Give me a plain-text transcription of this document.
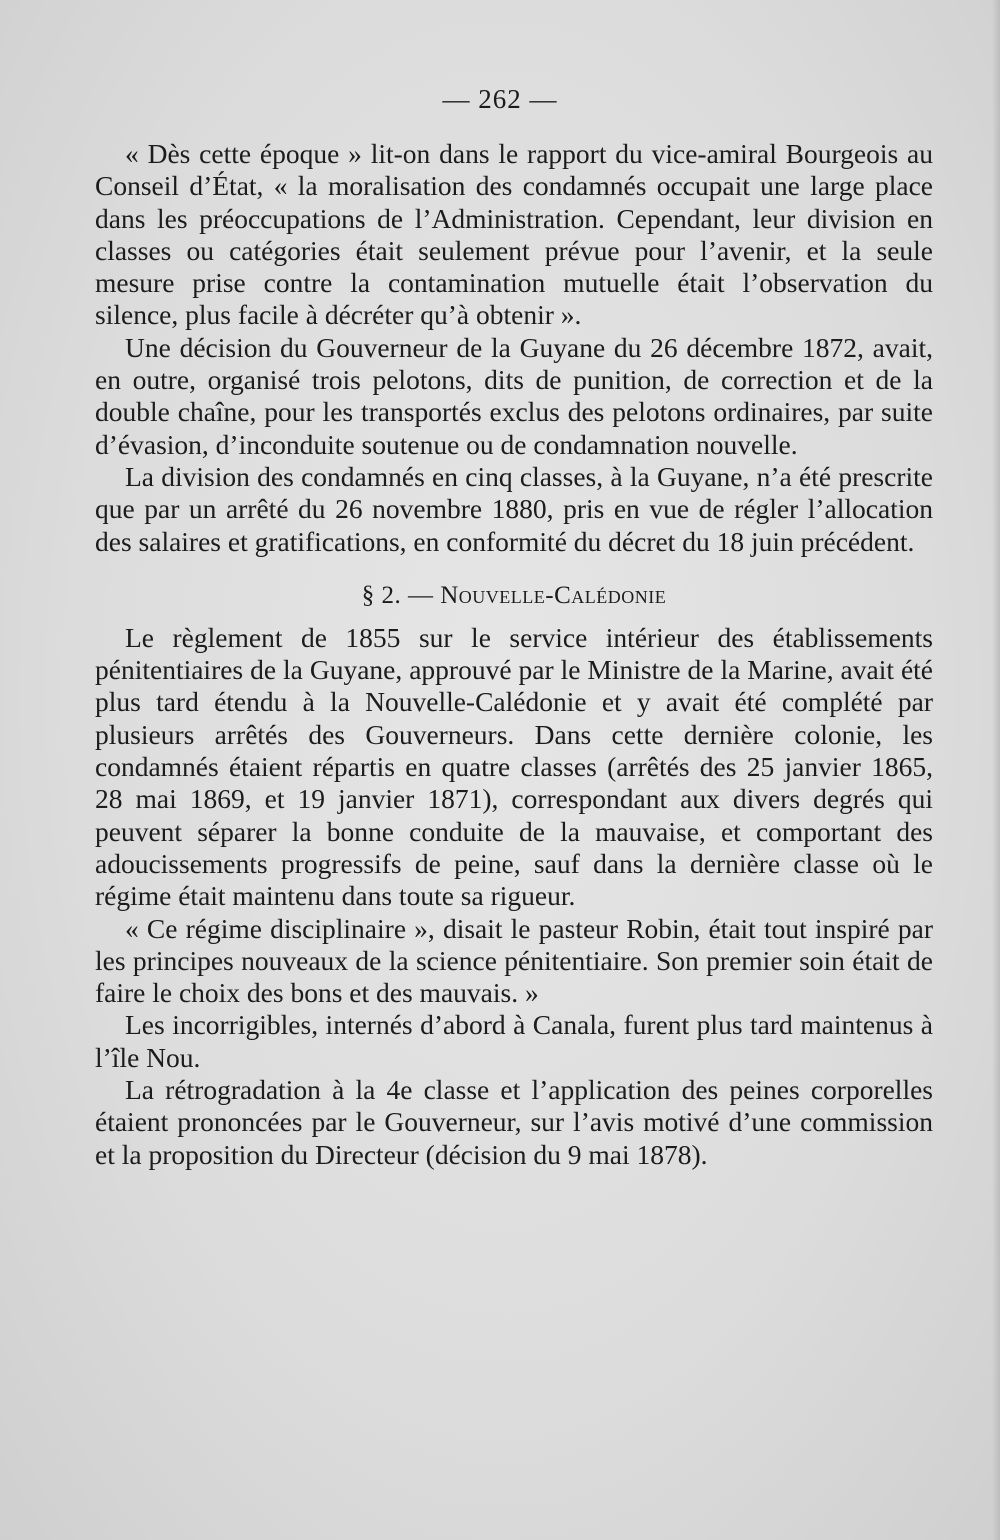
— 262 —

« Dès cette époque » lit-on dans le rapport du vice-amiral Bourgeois au Conseil d’État, « la moralisation des condamnés occupait une large place dans les préoccupations de l’Administration. Cependant, leur division en classes ou catégories était seulement prévue pour l’avenir, et la seule mesure prise contre la contamination mutuelle était l’observation du silence, plus facile à décréter qu’à obtenir ».

Une décision du Gouverneur de la Guyane du 26 décembre 1872, avait, en outre, organisé trois pelotons, dits de punition, de correction et de la double chaîne, pour les transportés exclus des pelotons ordinaires, par suite d’évasion, d’inconduite soutenue ou de condamnation nouvelle.

La division des condamnés en cinq classes, à la Guyane, n’a été prescrite que par un arrêté du 26 novembre 1880, pris en vue de régler l’allocation des salaires et gratifications, en conformité du décret du 18 juin précédent.

§ 2. — Nouvelle-Calédonie

Le règlement de 1855 sur le service intérieur des établissements pénitentiaires de la Guyane, approuvé par le Ministre de la Marine, avait été plus tard étendu à la Nouvelle-Calédonie et y avait été complété par plusieurs arrêtés des Gouverneurs. Dans cette dernière colonie, les condamnés étaient répartis en quatre classes (arrêtés des 25 janvier 1865, 28 mai 1869, et 19 janvier 1871), correspondant aux divers degrés qui peuvent séparer la bonne conduite de la mauvaise, et comportant des adoucissements progressifs de peine, sauf dans la dernière classe où le régime était maintenu dans toute sa rigueur.

« Ce régime disciplinaire », disait le pasteur Robin, était tout inspiré par les principes nouveaux de la science pénitentiaire. Son premier soin était de faire le choix des bons et des mauvais. »

Les incorrigibles, internés d’abord à Canala, furent plus tard maintenus à l’île Nou.

La rétrogradation à la 4e classe et l’application des peines corporelles étaient prononcées par le Gouverneur, sur l’avis motivé d’une commission et la proposition du Directeur (décision du 9 mai 1878).
